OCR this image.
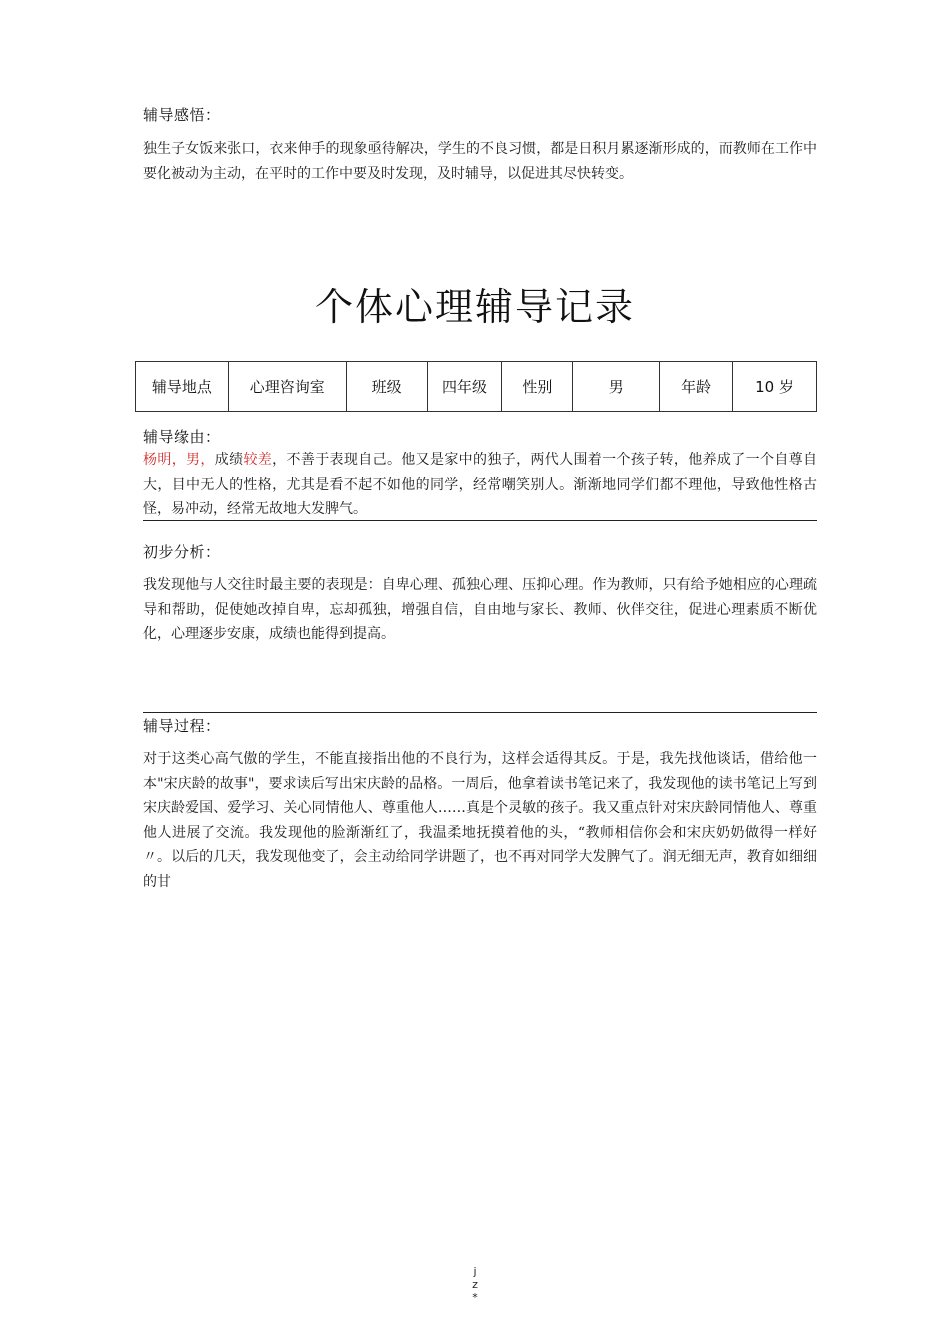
辅导感悟：
独生子女饭来张口，衣来伸手的现象亟待解决，学生的不良习惯，都是日积月累逐渐形成的，而教师在工作中要化被动为主动，在平时的工作中要及时发现，及时辅导，以促进其尽快转变。
个体心理辅导记录
辅导地点	心理咨询室	班级	四年级	性别	男	年龄	10 岁
辅导缘由：
杨明，男，成绩较差，不善于表现自己。他又是家中的独子，两代人围着一个孩子转，他养成了一个自尊自大，目中无人的性格，尤其是看不起不如他的同学，经常嘲笑别人。渐渐地同学们都不理他，导致他性格古怪，易冲动，经常无故地大发脾气。
初步分析：
我发现他与人交往时最主要的表现是：自卑心理、孤独心理、压抑心理。作为教师，只有给予她相应的心理疏导和帮助，促使她改掉自卑，忘却孤独，增强自信，自由地与家长、教师、伙伴交往，促进心理素质不断优化，心理逐步安康，成绩也能得到提高。
辅导过程：
对于这类心高气傲的学生，不能直接指出他的不良行为，这样会适得其反。于是，我先找他谈话，借给他一本"宋庆龄的故事"，要求读后写出宋庆龄的品格。一周后，他拿着读书笔记来了，我发现他的读书笔记上写到宋庆龄爱国、爱学习、关心同情他人、尊重他人……真是个灵敏的孩子。我又重点针对宋庆龄同情他人、尊重他人进展了交流。我发现他的脸渐渐红了，我温柔地抚摸着他的头，“教师相信你会和宋庆奶奶做得一样好〃。以后的几天，我发现他变了，会主动给同学讲题了，也不再对同学大发脾气了。润无细无声，教育如细细的甘
j
z
*
